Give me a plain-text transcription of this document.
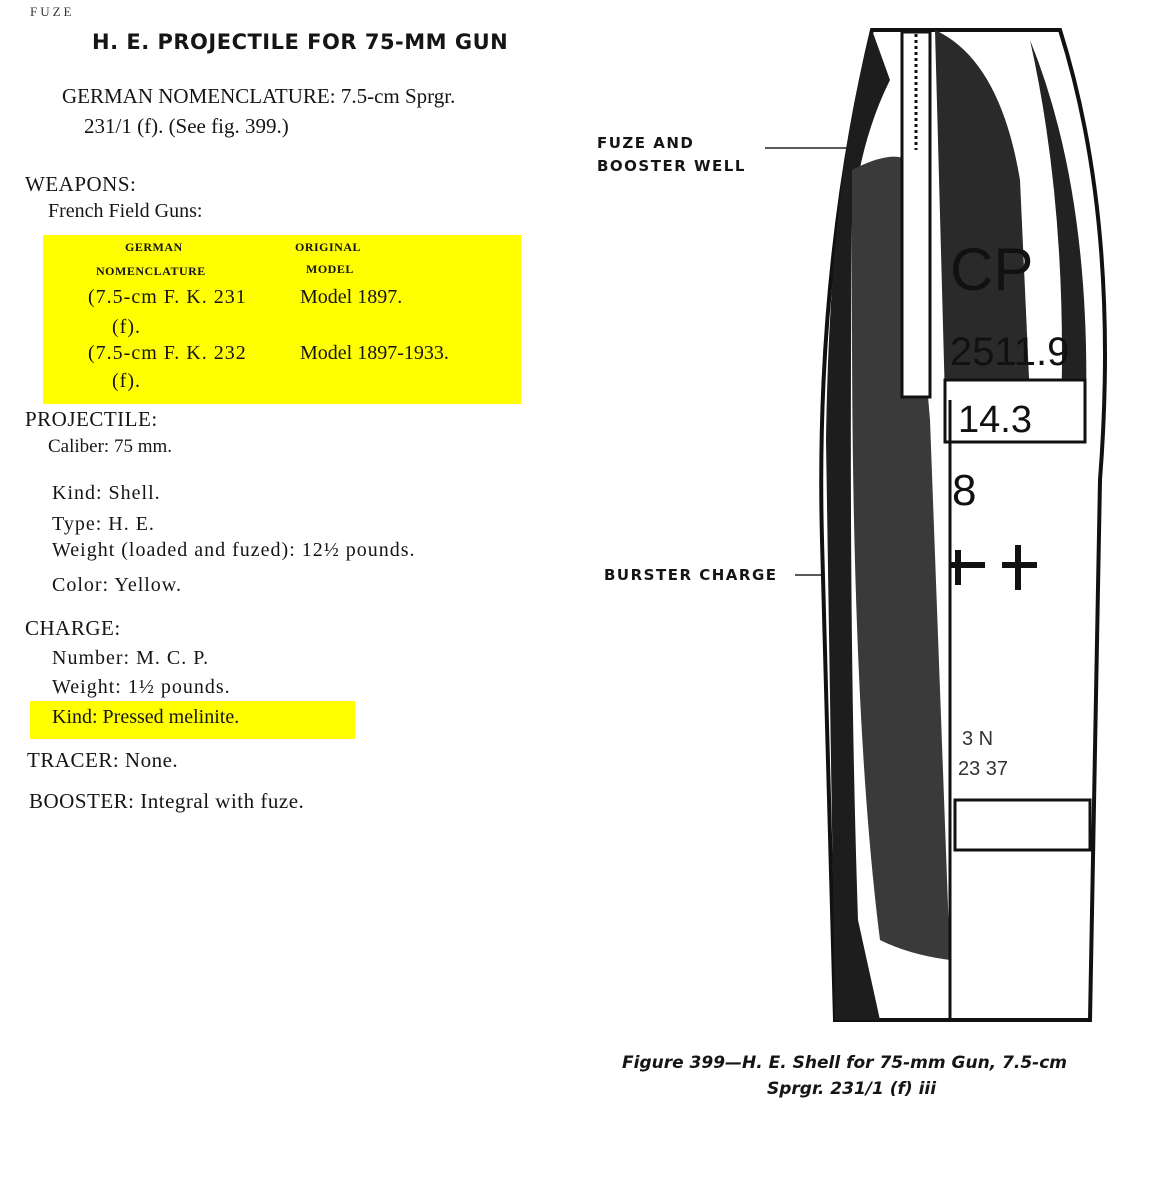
FUZE
H. E. PROJECTILE FOR 75-MM GUN
GERMAN NOMENCLATURE: 7.5-cm Sprgr.
231/1 (f). (See fig. 399.)
WEAPONS:
French Field Guns:
GERMAN
NOMENCLATURE
ORIGINAL
MODEL
(7.5-cm F. K. 231
(f).
Model 1897.
(7.5-cm F. K. 232
(f).
Model 1897-1933.
PROJECTILE:
Caliber: 75 mm.
Kind: Shell.
Type: H. E.
Weight (loaded and fuzed): 12½ pounds.
Color: Yellow.
CHARGE:
Number: M. C. P.
Weight: 1½ pounds.
Kind: Pressed melinite.
TRACER: None.
BOOSTER: Integral with fuze.
CP
2511.9
14.3
8
3 N
23 37
FUZE AND
BOOSTER WELL
BURSTER CHARGE
Figure 399—H. E. Shell for 75-mm Gun, 7.5-cm
Sprgr. 231/1 (f) iii
